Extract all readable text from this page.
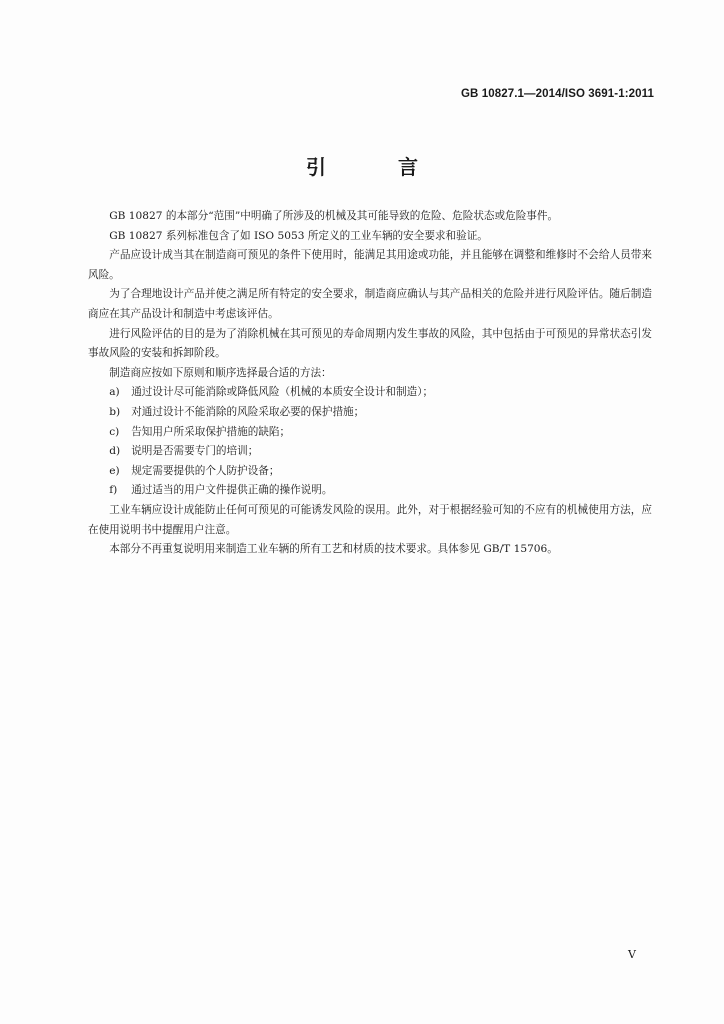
GB 10827.1—2014/ISO 3691-1:2011
引　言

GB 10827 的本部分“范围”中明确了所涉及的机械及其可能导致的危险、危险状态或危险事件。

GB 10827 系列标准包含了如 ISO 5053 所定义的工业车辆的安全要求和验证。

产品应设计成当其在制造商可预见的条件下使用时，能满足其用途或功能，并且能够在调整和维修时不会给人员带来风险。

为了合理地设计产品并使之满足所有特定的安全要求，制造商应确认与其产品相关的危险并进行风险评估。随后制造商应在其产品设计和制造中考虑该评估。

进行风险评估的目的是为了消除机械在其可预见的寿命周期内发生事故的风险，其中包括由于可预见的异常状态引发事故风险的安装和拆卸阶段。

制造商应按如下原则和顺序选择最合适的方法：

a) 通过设计尽可能消除或降低风险（机械的本质安全设计和制造）；
b) 对通过设计不能消除的风险采取必要的保护措施；
c) 告知用户所采取保护措施的缺陷；
d) 说明是否需要专门的培训；
e) 规定需要提供的个人防护设备；
f) 通过适当的用户文件提供正确的操作说明。

工业车辆应设计成能防止任何可预见的可能诱发风险的误用。此外，对于根据经验可知的不应有的机械使用方法，应在使用说明书中提醒用户注意。

本部分不再重复说明用来制造工业车辆的所有工艺和材质的技术要求。具体参见 GB/T 15706。

V
